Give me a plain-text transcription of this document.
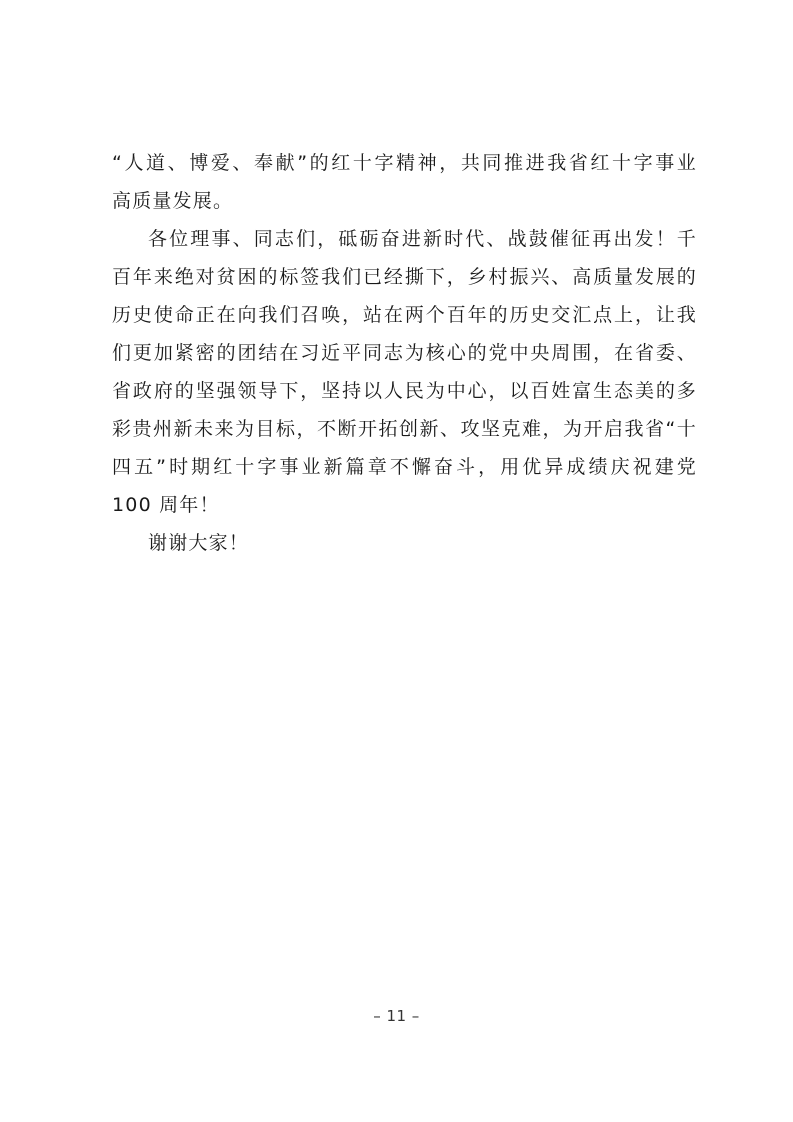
“人道、博爱、奉献”的红十字精神，共同推进我省红十字事业
高质量发展。
各位理事、同志们，砥砺奋进新时代、战鼓催征再出发！千
百年来绝对贫困的标签我们已经撕下，乡村振兴、高质量发展的
历史使命正在向我们召唤，站在两个百年的历史交汇点上，让我
们更加紧密的团结在习近平同志为核心的党中央周围，在省委、
省政府的坚强领导下，坚持以人民为中心，以百姓富生态美的多
彩贵州新未来为目标，不断开拓创新、攻坚克难，为开启我省“十
四五”时期红十字事业新篇章不懈奋斗，用优异成绩庆祝建党
100 周年！
谢谢大家！
– 11 –
